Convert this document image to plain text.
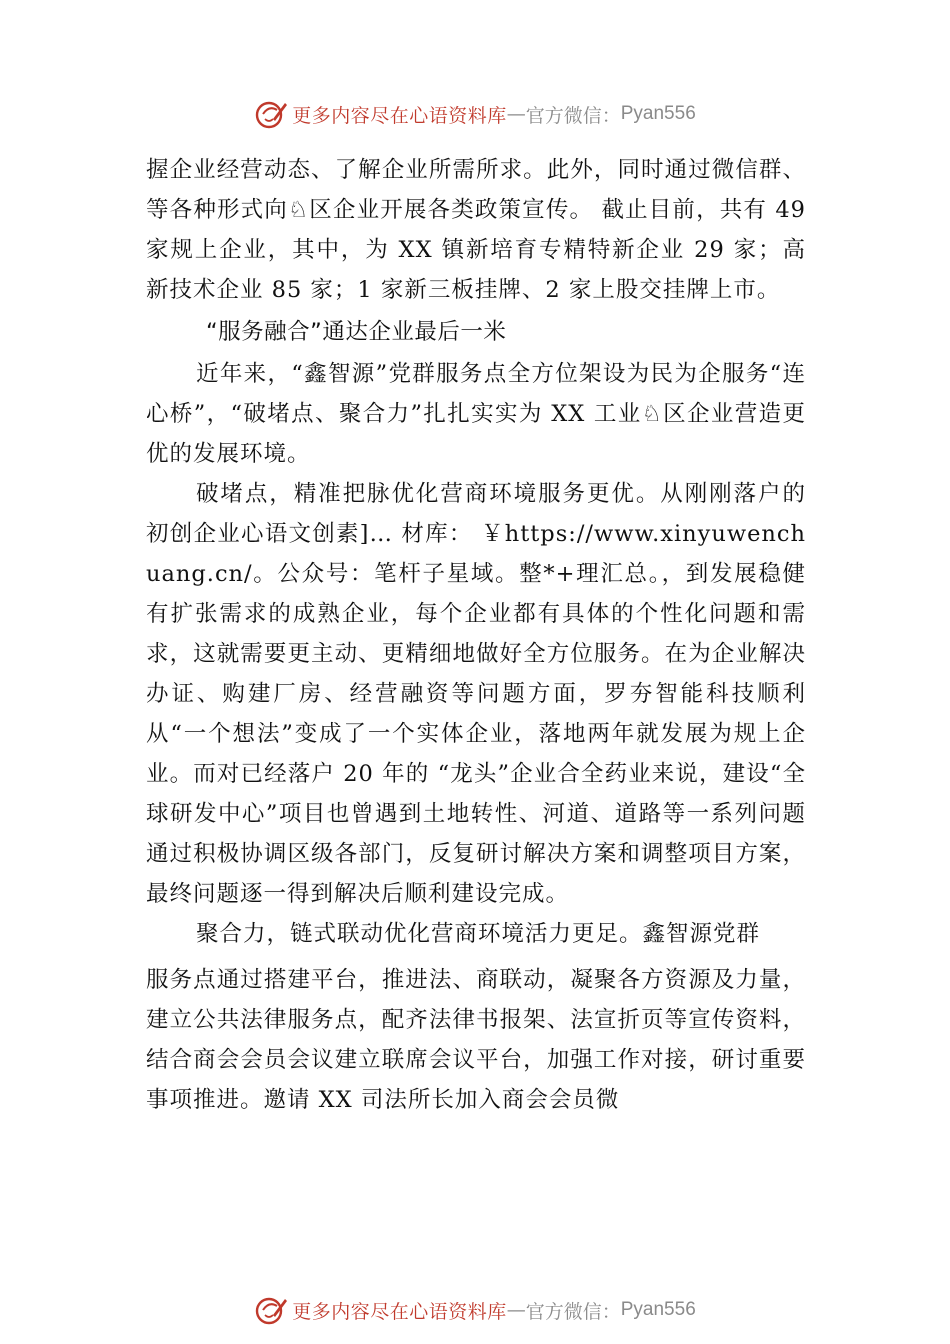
更多内容尽在心语资料库 — 官方微信： Pyan556

握企业经营动态、了解企业所需所求。此外，同时通过微信群、等各种形式向♘区企业开展各类政策宣传。 截止目前，共有 49 家规上企业，其中，为 XX 镇新培育专精特新企业 29 家；高新技术企业 85 家；1 家新三板挂牌、2 家上股交挂牌上市。

“服务融合”通达企业最后一米

近年来，“鑫智源”党群服务点全方位架设为民为企服务“连心桥”，“破堵点、聚合力”扎扎实实为 XX 工业♘区企业营造更优的发展环境。

破堵点，精准把脉优化营商环境服务更优。从刚刚落户的初创企业心语文创素]… 材库： ￥https://www.xinyuwenchuang.cn/。公众号：笔杆子星域。整*+理汇总。，到发展稳健有扩张需求的成熟企业，每个企业都有具体的个性化问题和需求，这就需要更主动、更精细地做好全方位服务。在为企业解决办证、购建厂房、经营融资等问题方面，罗夯智能科技顺利从“一个想法”变成了一个实体企业，落地两年就发展为规上企业。而对已经落户 20 年的 “龙头”企业合全药业来说，建设“全球研发中心”项目也曾遇到土地转性、河道、道路等一系列问题通过积极协调区级各部门，反复研讨解决方案和调整项目方案，最终问题逐一得到解决后顺利建设完成。

聚合力，链式联动优化营商环境活力更足。鑫智源党群

服务点通过搭建平台，推进法、商联动，凝聚各方资源及力量，建立公共法律服务点，配齐法律书报架、法宣折页等宣传资料，结合商会会员会议建立联席会议平台，加强工作对接，研讨重要事项推进。邀请 XX 司法所长加入商会会员微

更多内容尽在心语资料库 — 官方微信： Pyan556
